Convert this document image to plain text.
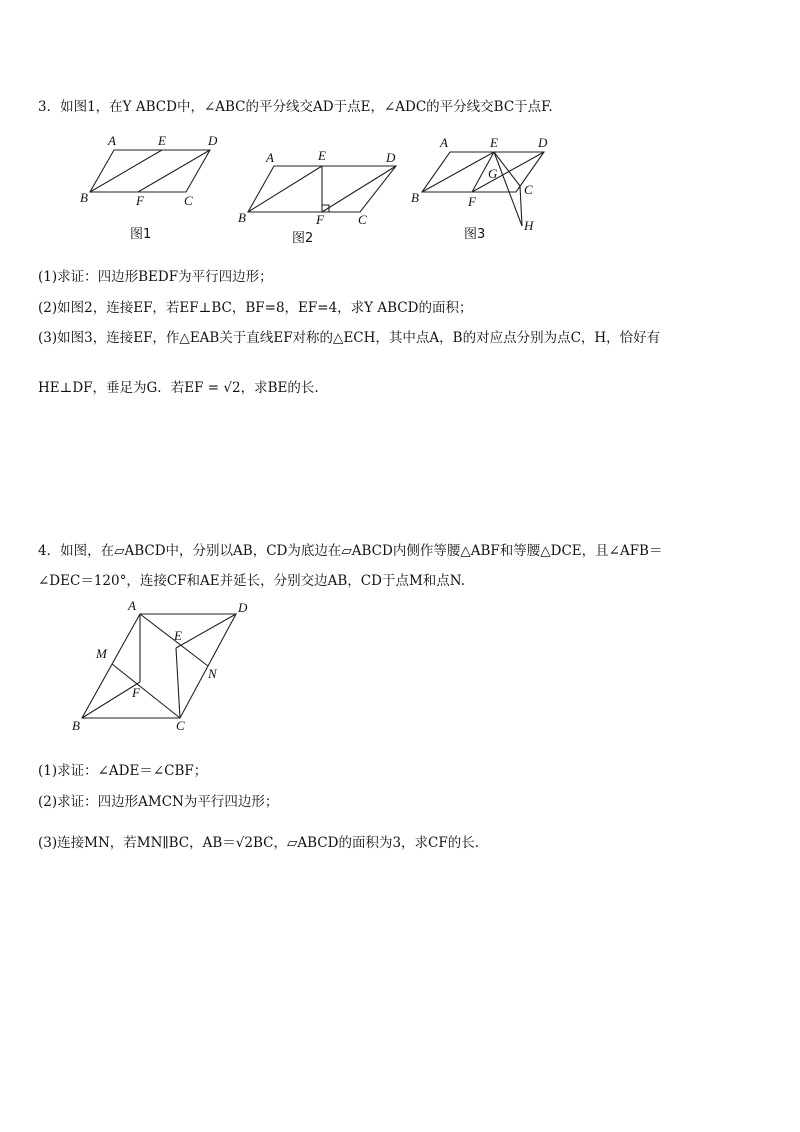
3．如图1，在Y ABCD中，∠ABC的平分线交AD于点E，∠ADC的平分线交BC于点F.
A	E	D
B	F	C
图1
A	E	D
B	F	C
图2
A	E	D
G
C
B	F
H
图3
(1)求证：四边形BEDF为平行四边形；
(2)如图2，连接EF，若EF⊥BC，BF=8，EF=4，求Y ABCD的面积；
(3)如图3，连接EF，作△EAB关于直线EF对称的△ECH，其中点A，B的对应点分别为点C，H，恰好有
HE⊥DF，垂足为G．若EF = √2，求BE的长.
4．如图，在▱ABCD中，分别以AB，CD为底边在▱ABCD内侧作等腰△ABF和等腰△DCE，且∠AFB＝
∠DEC＝120°，连接CF和AE并延长，分别交边AB，CD于点M和点N.
A	D
E
M
N
F
B	C
(1)求证：∠ADE＝∠CBF；
(2)求证：四边形AMCN为平行四边形；
(3)连接MN，若MN∥BC，AB＝√2BC，▱ABCD的面积为3，求CF的长.
